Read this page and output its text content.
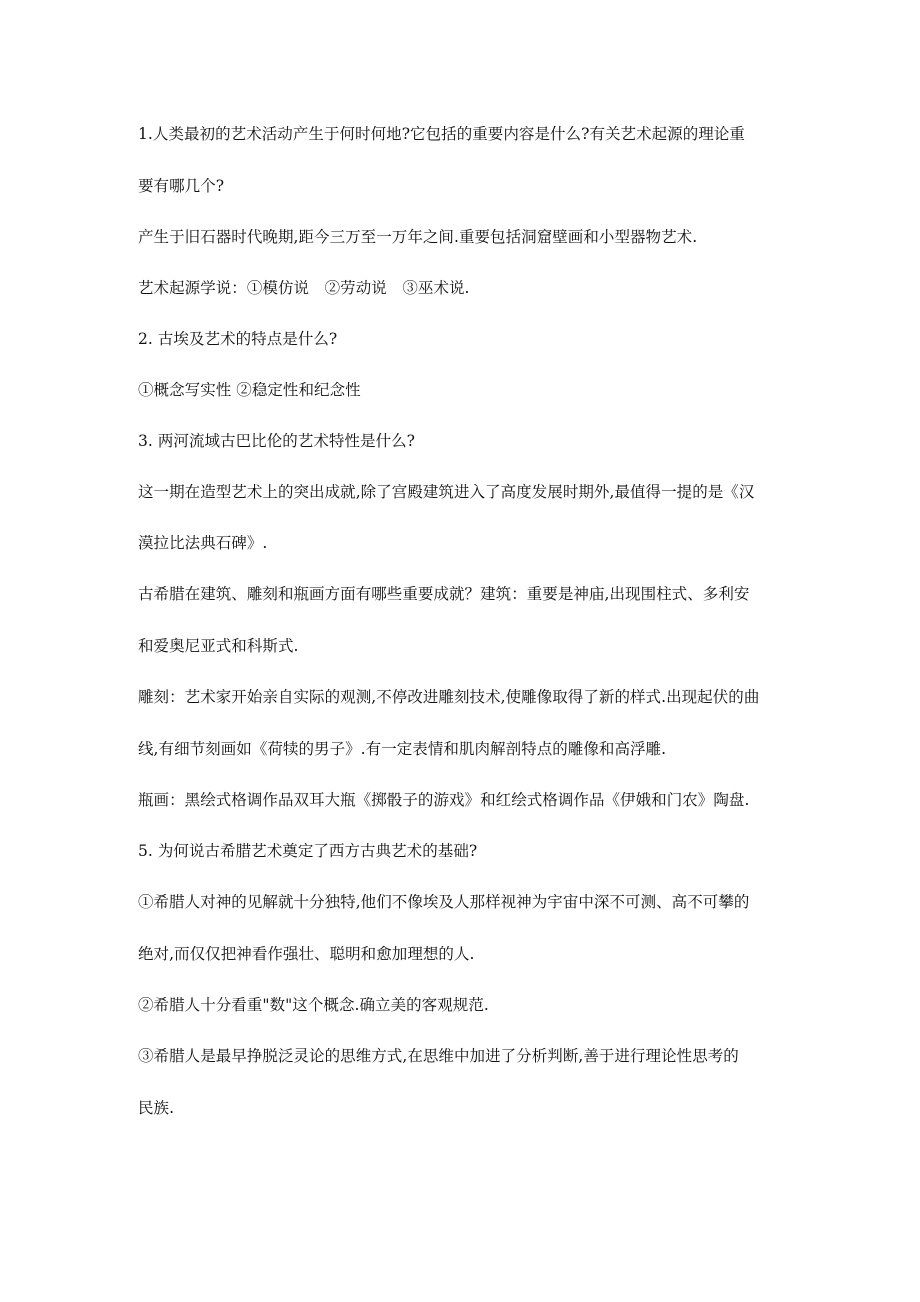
1.人类最初的艺术活动产生于何时何地?它包括的重要内容是什么?有关艺术起源的理论重
要有哪几个?
产生于旧石器时代晚期,距今三万至一万年之间.重要包括洞窟壁画和小型器物艺术.
艺术起源学说：①模仿说　②劳动说　③巫术说.
2. 古埃及艺术的特点是什么?
①概念写实性 ②稳定性和纪念性
3. 两河流域古巴比伦的艺术特性是什么?
这一期在造型艺术上的突出成就,除了宫殿建筑进入了高度发展时期外,最值得一提的是《汉
漠拉比法典石碑》.
古希腊在建筑、雕刻和瓶画方面有哪些重要成就？建筑：重要是神庙,出现围柱式、多利安
和爱奥尼亚式和科斯式.
雕刻：艺术家开始亲自实际的观测,不停改进雕刻技术,使雕像取得了新的样式.出现起伏的曲
线,有细节刻画如《荷犊的男子》.有一定表情和肌肉解剖特点的雕像和高浮雕.
瓶画：黑绘式格调作品双耳大瓶《掷骰子的游戏》和红绘式格调作品《伊娥和门农》陶盘.
5. 为何说古希腊艺术奠定了西方古典艺术的基础?
①希腊人对神的见解就十分独特,他们不像埃及人那样视神为宇宙中深不可测、高不可攀的
绝对,而仅仅把神看作强壮、聪明和愈加理想的人.
②希腊人十分看重"数"这个概念.确立美的客观规范.
③希腊人是最早挣脱泛灵论的思维方式,在思维中加进了分析判断,善于进行理论性思考的
民族.
